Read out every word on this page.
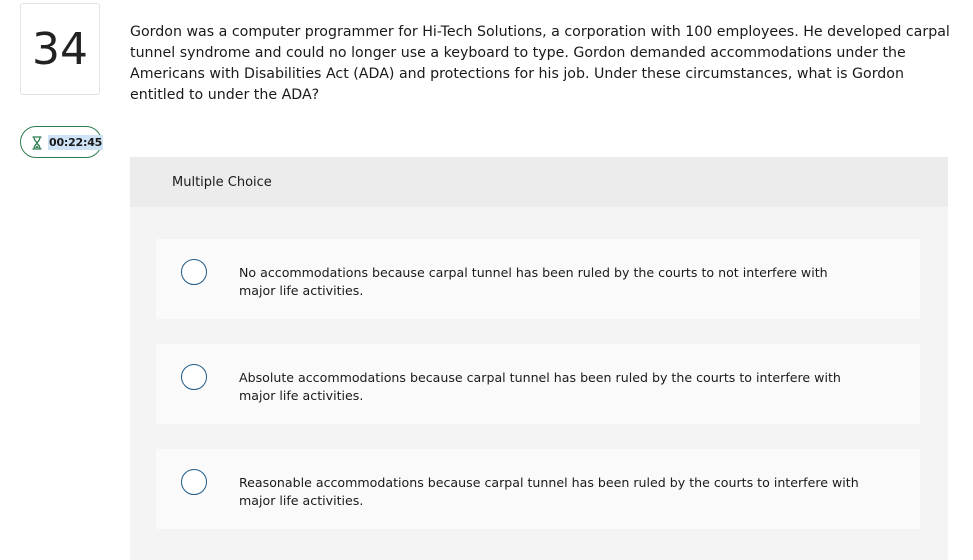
34
00:22:45
Gordon was a computer programmer for Hi-Tech Solutions, a corporation with 100 employees. He developed carpal tunnel syndrome and could no longer use a keyboard to type. Gordon demanded accommodations under the Americans with Disabilities Act (ADA) and protections for his job. Under these circumstances, what is Gordon entitled to under the ADA?
Multiple Choice
No accommodations because carpal tunnel has been ruled by the courts to not interfere with major life activities.
Absolute accommodations because carpal tunnel has been ruled by the courts to interfere with major life activities.
Reasonable accommodations because carpal tunnel has been ruled by the courts to interfere with major life activities.
